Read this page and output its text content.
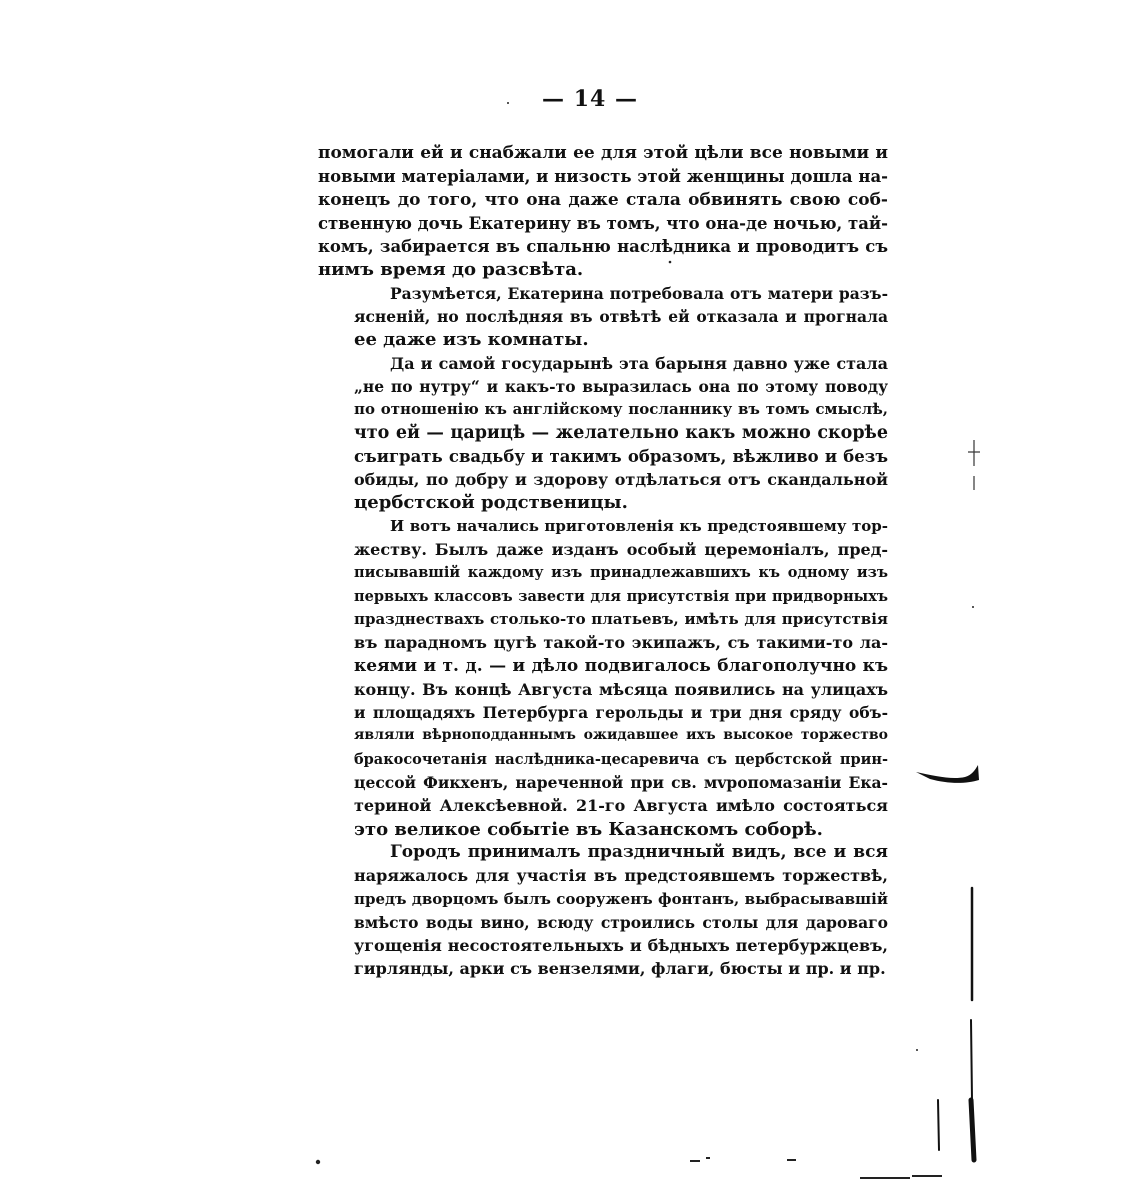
— 14 —
помогали ей и снабжали ее для этой цѣли все новыми и
новыми матеріалами, и низость этой женщины дошла на-
конецъ до того, что она даже стала обвинять свою соб-
ственную дочь Екатерину въ томъ, что она-де ночью, тай-
комъ, забирается въ спальню наслѣдника и проводитъ съ
нимъ время до разсвѣта.
Разумѣется, Екатерина потребовала отъ матери разъ-
ясненій, но послѣдняя въ отвѣтѣ ей отказала и прогнала
ее даже изъ комнаты.
Да и самой государынѣ эта барыня давно уже стала
„не по нутру“ и какъ-то выразилась она по этому поводу
по отношенію къ англійскому посланнику въ томъ смыслѣ,
что ей — царицѣ — желательно какъ можно скорѣе
съиграть свадьбу и такимъ образомъ, вѣжливо и безъ
обиды, по добру и здорову отдѣлаться отъ скандальной
цербстской родственицы.
И вотъ начались приготовленія къ предстоявшему тор-
жеству. Былъ даже изданъ особый церемоніалъ, пред-
писывавшій каждому изъ принадлежавшихъ къ одному изъ
первыхъ классовъ завести для присутствія при придворныхъ
празднествахъ столько-то платьевъ, имѣть для присутствія
въ парадномъ цугѣ такой-то экипажъ, съ такими-то ла-
кеями и т. д. — и дѣло подвигалось благополучно къ
концу. Въ концѣ Августа мѣсяца появились на улицахъ
и площадяхъ Петербурга герольды и три дня сряду объ-
являли вѣрноподданнымъ ожидавшее ихъ высокое торжество
бракосочетанія наслѣдника-цесаревича съ цербстской прин-
цессой Фикхенъ, нареченной при св. мvропомазаніи Ека-
териной Алексѣевной. 21-го Августа имѣло состояться
это великое событіе въ Казанскомъ соборѣ.
Городъ принималъ праздничный видъ, все и вся
наряжалось для участія въ предстоявшемъ торжествѣ,
предъ дворцомъ былъ сооруженъ фонтанъ, выбрасывавшій
вмѣсто воды вино, всюду строились столы для дароваго
угощенія несостоятельныхъ и бѣдныхъ петербуржцевъ,
гирлянды, арки съ вензелями, флаги, бюсты и пр. и пр.
